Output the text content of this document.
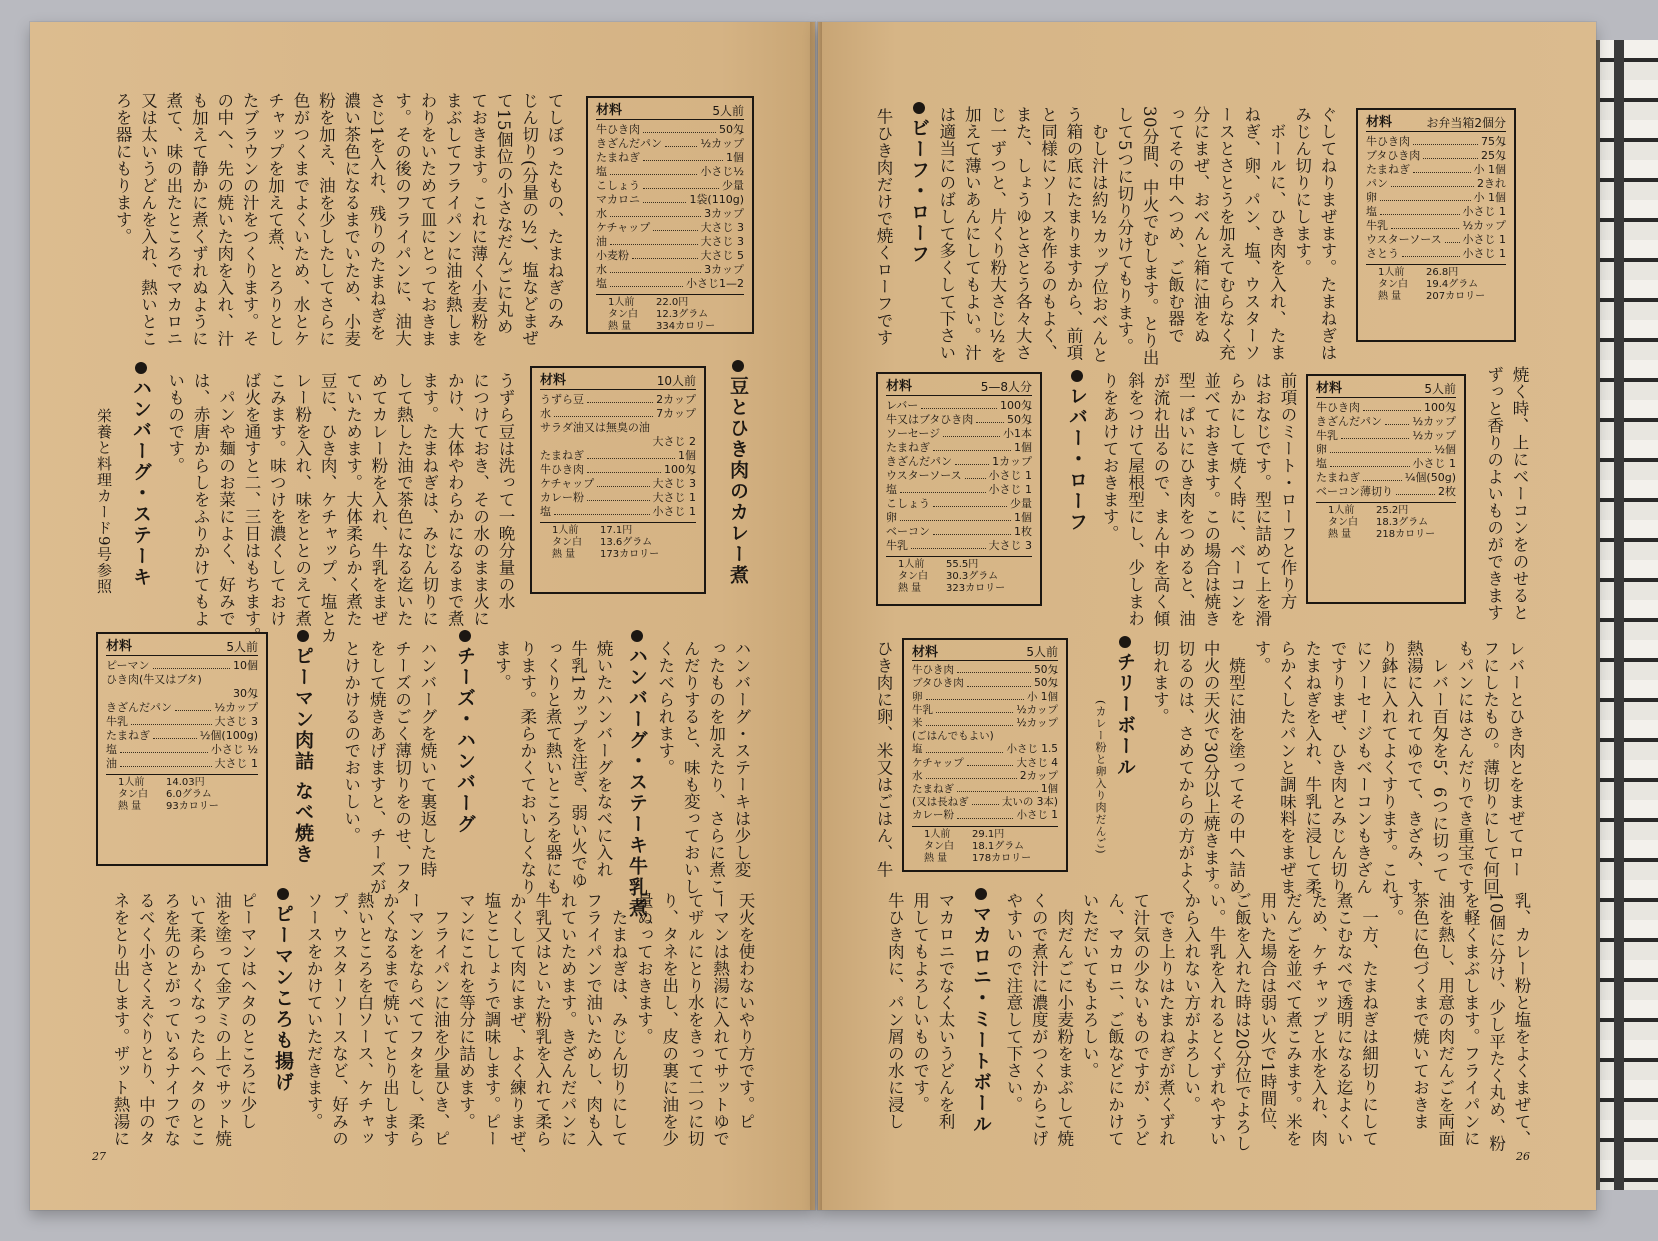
てしぼったもの、たまねぎのみ
じん切り(分量の½)、塩などまぜ
て15個位の小さなだんごに丸め
ておきます。これに薄く小麦粉を
まぶしてフライパンに油を熱しま
わりをいためて皿にとっておきま
す。その後のフライパンに、油大
さじ1を入れ、残りのたまねぎを
濃い茶色になるまでいため、小麦
粉を加え、油を少したしてさらに
色がつくまでよくいため、水とケ
チャップを加えて煮、とろりとし
たブラウンの汁をつくります。そ
の中へ、先の焼いた肉を入れ、汁
も加えて静かに煮くずれぬように
煮て、味の出たところでマカロニ
又は太いうどんを入れ、熱いとこ
ろを器にもります。	材料	5人前
牛ひき肉	50匁
きざんだパン	½カップ
たまねぎ	1個
塩	小さじ½
こしょう	少量
マカロニ	1袋(110g)
水	3カップ
ケチャップ	大さじ 3
油	大さじ 3
小麦粉	大さじ 5
水	3カップ
塩	小さじ1—2
1人前	22.0円
タン白	12.3グラム
熱 量	334カロリー
豆とひき肉のカレー煮
材料	10人前
うずら豆	2カップ
水	7カップ
サラダ油又は無臭の油
大さじ 2
たまねぎ	1個
牛ひき肉	100匁
ケチャップ	大さじ 3
カレー粉	大さじ 1
塩	小さじ 1
1人前	17.1円
タン白	13.6グラム
熱 量	173カロリー
うずら豆は洗って一晩分量の水
につけておき、その水のまま火に
かけ、大体やわらかになるまで煮
ます。たまねぎは、みじん切りに
して熱した油で茶色になる迄いた
めてカレー粉を入れ、牛乳をまぜ
ていためます。大体柔らかく煮た
豆に、ひき肉、ケチャップ、塩とカ
レー粉を入れ、味をととのえて煮
こみます。味つけを濃くしておけ
ば火を通すと二、三日はもちます。
　パンや麺のお菜によく、好みで
は、赤唐からしをふりかけてもよ
いものです。
ハンバーグ・ステーキ
栄養と料理カード9号参照
ハンバーグ・ステーキは少し変
ったものを加えたり、さらに煮こ
んだりすると、味も変っておいし
くたべられます。
ハンバーグ・ステーキ牛乳煮
焼いたハンバーグをなべに入れ
牛乳1カップを注ぎ、弱い火でゆ
っくりと煮て熱いところを器にも
ります。柔らかくておいしくなり
ます。
チーズ・ハンバーグ
ハンバーグを焼いて裏返した時
チーズのごく薄切りをのせ、フタ
をして焼きあげますと、チーズが
とけかけるのでおいしい。
ピーマン肉詰 なべ焼き
材料	5人前
ピーマン	10個
ひき肉(牛又はブタ)
30匁
きざんだパン	½カップ
牛乳	大さじ 3
たまねぎ	½個(100g)
塩	小さじ ½
油	大さじ 1
1人前	14.03円
タン白	6.0グラム
熱 量	93カロリー
天火を使わないやり方です。ピ
ーマンは熱湯に入れてサットゆで
てザルにとり水をきって二つに切
り、タネを出し、皮の裏に油を少
量ぬっておきます。
　たまねぎは、みじん切りにして
フライパンで油いためし、肉も入
れていためます。きざんだパンに
牛乳又はといた粉乳を入れて柔ら
かくして肉にまぜ、よく練りまぜ、
塩とこしょうで調味します。ピー
マンにこれを等分に詰めます。
　フライパンに油を少量ひき、ピ
ーマンをならべてフタをし、柔ら
かくなるまで焼いてとり出します
熱いところを白ソース、ケチャッ
プ、ウスターソースなど、好みの
ソースをかけていただきます。
ピーマンころも揚げ
ピーマンはヘタのところに少し
油を塗って金アミの上でサット焼
いて柔らかくなったらヘタのとこ
ろを先のとがっているナイフでな
るべく小さくえぐりとり、中のタ
ネをとり出します。ザット熱湯に
27
材料	お弁当箱2個分
牛ひき肉	75匁
ブタひき肉	25匁
たまねぎ	小 1個
パン	2きれ
卵	小 1個
塩	小さじ 1
牛乳	½カップ
ウスターソース 小さじ 1
さとう	小さじ 1
1人前	26.8円
タン白	19.4グラム
熱 量	207カロリー
ぐしてねりまぜます。たまねぎは
みじん切りにします。
　ボールに、ひき肉を入れ、たま
ねぎ、卵、パン、塩、ウスターソ
ースとさとうを加えてむらなく充
分にまぜ、おべんと箱に油をぬ
ってその中へつめ、ご飯む器で
30分間、中火でむします。とり出
して5つに切り分けてもります。
　むし汁は約½カップ位おべんと
う箱の底にたまりますから、前項
と同様にソースを作るのもよく、
また、しょうゆとさとう各々大さ
じ一ずつと、片くり粉大さじ½を
加えて薄いあんにしてもよい。汁
は適当にのばして多くして下さい
ビーフ・ローフ
牛ひき肉だけで焼くローフです
焼く時、上にベーコンをのせると
ずっと香りのよいものができます
材料	5人前
牛ひき肉	100匁
きざんだパン	½カップ
牛乳	½カップ
卵	½個
塩	小さじ 1
たまねぎ	¼個(50g)
ベーコン薄切り	2枚
1人前	25.2円
タン白	18.3グラム
熱 量	218カロリー
前項のミート・ローフと作り方
はおなじです。型に詰めて上を滑
らかにして焼く時に、ベーコンを
並べておきます。この場合は焼き
型一ぱいにひき肉をつめると、油
が流れ出るので、まん中を高く傾
斜をつけて屋根型にし、少しまわ
りをあけておきます。
レバー・ローフ
材料	5—8人分
レバー	100匁
牛又はブタひき肉	50匁
ソーセージ	小1本
たまねぎ	1個
きざんだパン	1カップ
ウスターソース 小さじ 1
塩	小さじ 1
こしょう	少量
卵	1個
ベーコン	1枚
牛乳	大さじ 3
1人前	55.5円
タン白	30.3グラム
熱 量	323カロリー
レバーとひき肉とをまぜてロー
フにしたもの。薄切りにして何回
もパンにはさんだりでき重宝です
　レバー百匁を5、6つに切って
熱湯に入れてゆでて、きざみ、す
り鉢に入れてよくすります。これ
にソーセージもベーコンもきざん
ですりまぜ、ひき肉とみじん切り
たまねぎを入れ、牛乳に浸して柔
らかくしたパンと調味料をまぜま
す。
　焼型に油を塗ってその中へ詰め
中火の天火で30分以上焼きます。
切るのは、さめてからの方がよく
切れます。
チリーボール
(カレー粉と卵入り肉だんご)
材料	5人前
牛ひき肉	50匁
ブタひき肉	50匁
卵	小 1個
牛乳	½カップ
米	½カップ
(ごはんでもよい)
塩	小さじ 1.5
ケチャップ	大さじ 4
水	2カップ
たまねぎ	1個
(又は長ねぎ	太いの 3本)
カレー粉	小さじ 1
1人前	29.1円
タン白	18.1グラム
熱 量	178カロリー
ひき肉に卵、米又はごはん、牛
乳、カレー粉と塩をよくまぜて、
10個に分け、少し平たく丸め、粉
を軽くまぶします。フライパンに
油を熱し、用意の肉だんごを両面
茶色に色づくまで焼いておきま
す。
　一方、たまねぎは細切りにして
煮こむなべで透明になる迄よくい
ため、ケチャップと水を入れ、肉
だんごを並べて煮こみます。米を
用いた場合は弱い火で1時間位、
ご飯を入れた時は20分位でよろし
い。牛乳を入れるとくずれやすい
から入れない方がよろしい。
　でき上りはたまねぎが煮くずれ
て汁気の少ないものですが、うど
ん、マカロニ、ご飯などにかけて
いただいてもよろしい。
　肉だんごに小麦粉をまぶして焼
くので煮汁に濃度がつくからこげ
やすいので注意して下さい。
マカロニ・ミートボール
マカロニでなく太いうどんを利
用してもよろしいものです。
牛ひき肉に、パン屑の水に浸し
26
